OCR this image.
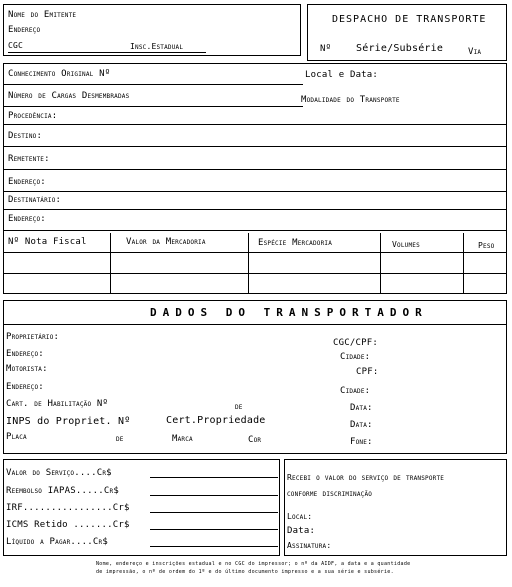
Nome do Emitente
Endereço
CGC	Insc.Estadual
DESPACHO DE TRANSPORTE
Nº Série/Subsérie	Via
Conhecimento Original Nº	Local e Data:
Número de Cargas Desmembradas	Modalidade do Transporte
Procedência:
Destino:
Remetente:
Endereço:
Destinatário:
Endereço:
Nº Nota Fiscal	Valor da Mercadoria	Espécie Mercadoria	Volumes	Peso
DADOS DO TRANSPORTADOR
Proprietário:
CGC/CPF:
Endereço:	Cidade:
Motorista:	CPF:
Endereço:	Cidade:
Cart. de Habilitação Nº	de	Data:
INPS do Propriet. Nº	Cert.Propriedade	Data:
Placa	de	Marca	Cor	Fone:
Valor do Serviço....Cr$
Reembolso IAPAS.....Cr$
IRF................Cr$
ICMS Retido .......Cr$
Líquido a Pagar....Cr$
Recebi o valor do serviço de transporte
conforme discriminação
Local:
Data:
Assinatura:
Nome, endereço e inscrições estadual e no CGC do impressor; o nº da AIDF, a data e a quantidade
de impressão, o nº de ordem do 1º e do último documento impresso e a sua série e subsérie.
